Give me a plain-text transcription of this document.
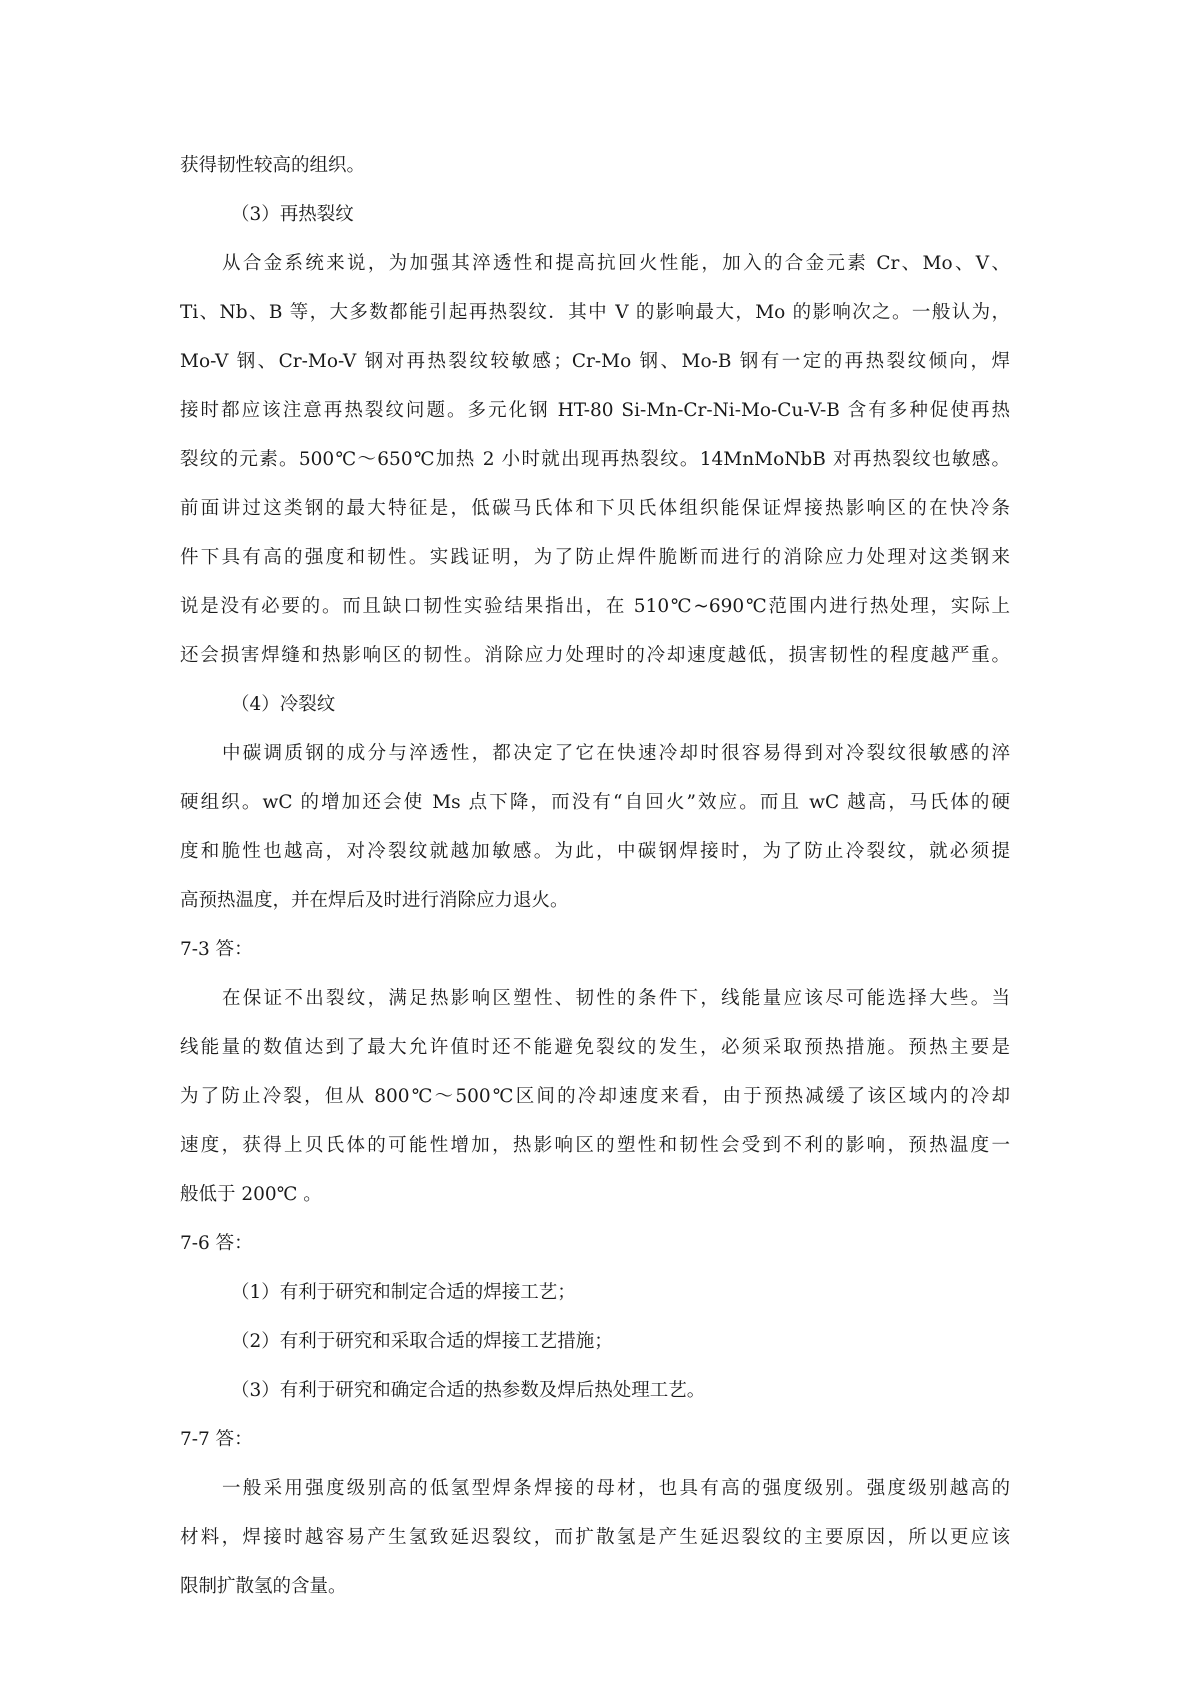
获得韧性较高的组织。
（3）再热裂纹
从合金系统来说，为加强其淬透性和提高抗回火性能，加入的合金元素 Cr、Mo、V、
Ti、Nb、B 等，大多数都能引起再热裂纹．其中 V 的影响最大，Mo 的影响次之。一般认为，
Mo-V 钢、Cr-Mo-V 钢对再热裂纹较敏感；Cr-Mo 钢、Mo-B 钢有一定的再热裂纹倾向，焊
接时都应该注意再热裂纹问题。多元化钢 HT-80 Si-Mn-Cr-Ni-Mo-Cu-V-B 含有多种促使再热
裂纹的元素。500℃～650℃加热 2 小时就出现再热裂纹。14MnMoNbB 对再热裂纹也敏感。
前面讲过这类钢的最大特征是，低碳马氏体和下贝氏体组织能保证焊接热影响区的在快冷条
件下具有高的强度和韧性。实践证明，为了防止焊件脆断而进行的消除应力处理对这类钢来
说是没有必要的。而且缺口韧性实验结果指出，在 510℃~690℃范围内进行热处理，实际上
还会损害焊缝和热影响区的韧性。消除应力处理时的冷却速度越低，损害韧性的程度越严重。
（4）冷裂纹
中碳调质钢的成分与淬透性，都决定了它在快速冷却时很容易得到对冷裂纹很敏感的淬
硬组织。wC 的增加还会使 Ms 点下降，而没有“自回火”效应。而且 wC 越高，马氏体的硬
度和脆性也越高，对冷裂纹就越加敏感。为此，中碳钢焊接时，为了防止冷裂纹，就必须提
高预热温度，并在焊后及时进行消除应力退火。
7-3 答：
在保证不出裂纹，满足热影响区塑性、韧性的条件下，线能量应该尽可能选择大些。当
线能量的数值达到了最大允许值时还不能避免裂纹的发生，必须采取预热措施。预热主要是
为了防止冷裂，但从 800℃～500℃区间的冷却速度来看，由于预热减缓了该区域内的冷却
速度，获得上贝氏体的可能性增加，热影响区的塑性和韧性会受到不利的影响，预热温度一
般低于 200℃ 。
7-6 答：
（1）有利于研究和制定合适的焊接工艺；
（2）有利于研究和采取合适的焊接工艺措施；
（3）有利于研究和确定合适的热参数及焊后热处理工艺。
7-7 答：
一般采用强度级别高的低氢型焊条焊接的母材，也具有高的强度级别。强度级别越高的
材料，焊接时越容易产生氢致延迟裂纹，而扩散氢是产生延迟裂纹的主要原因，所以更应该
限制扩散氢的含量。
